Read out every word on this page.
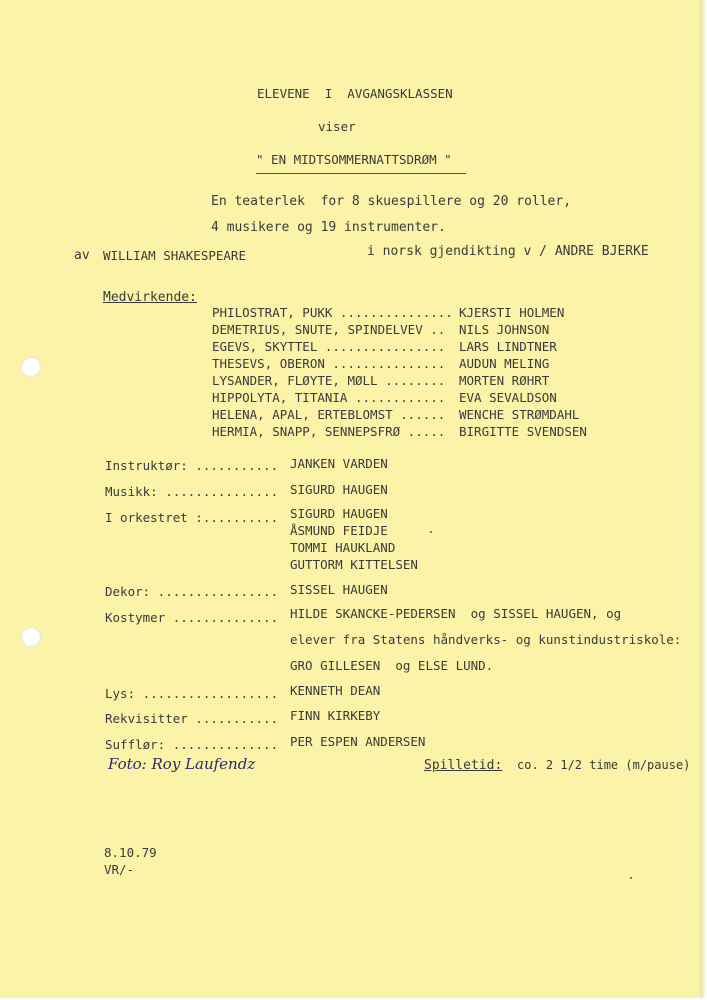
ELEVENE  I  AVGANGSKLASSEN
viser
" EN MIDTSOMMERNATTSDRØM "
En teaterlek  for 8 skuespillere og 20 roller,
4 musikere og 19 instrumenter.
av WILLIAM SHAKESPEARE	i norsk gjendikting v / ANDRE BJERKE
Medvirkende:
PHILOSTRAT, PUKK ............... KJERSTI HOLMEN
DEMETRIUS, SNUTE, SPINDELVEV .. NILS JOHNSON
EGEVS, SKYTTEL ................ LARS LINDTNER
THESEVS, OBERON ............... AUDUN MELING
LYSANDER, FLØYTE, MØLL ........ MORTEN RØHRT
HIPPOLYTA, TITANIA ............ EVA SEVALDSON
HELENA, APAL, ERTEBLOMST ...... WENCHE STRØMDAHL
HERMIA, SNAPP, SENNEPSFRØ ..... BIRGITTE SVENDSEN
Instruktør: ........... JANKEN VARDEN
Musikk: ............... SIGURD HAUGEN
I orkestret :.......... SIGURD HAUGEN
ÅSMUND FEIDJE
TOMMI HAUKLAND
GUTTORM KITTELSEN
Dekor: ................ SISSEL HAUGEN
Kostymer .............. HILDE SKANCKE-PEDERSEN  og SISSEL HAUGEN, og
elever fra Statens håndverks- og kunstindustriskole:
GRO GILLESEN  og ELSE LUND.
Lys: .................. KENNETH DEAN
Rekvisitter ........... FINN KIRKEBY
Sufflør: .............. PER ESPEN ANDERSEN
Foto: Roy Laufendz	Spilletid: co. 2 1/2 time (m/pause)
8.10.79
VR/-
